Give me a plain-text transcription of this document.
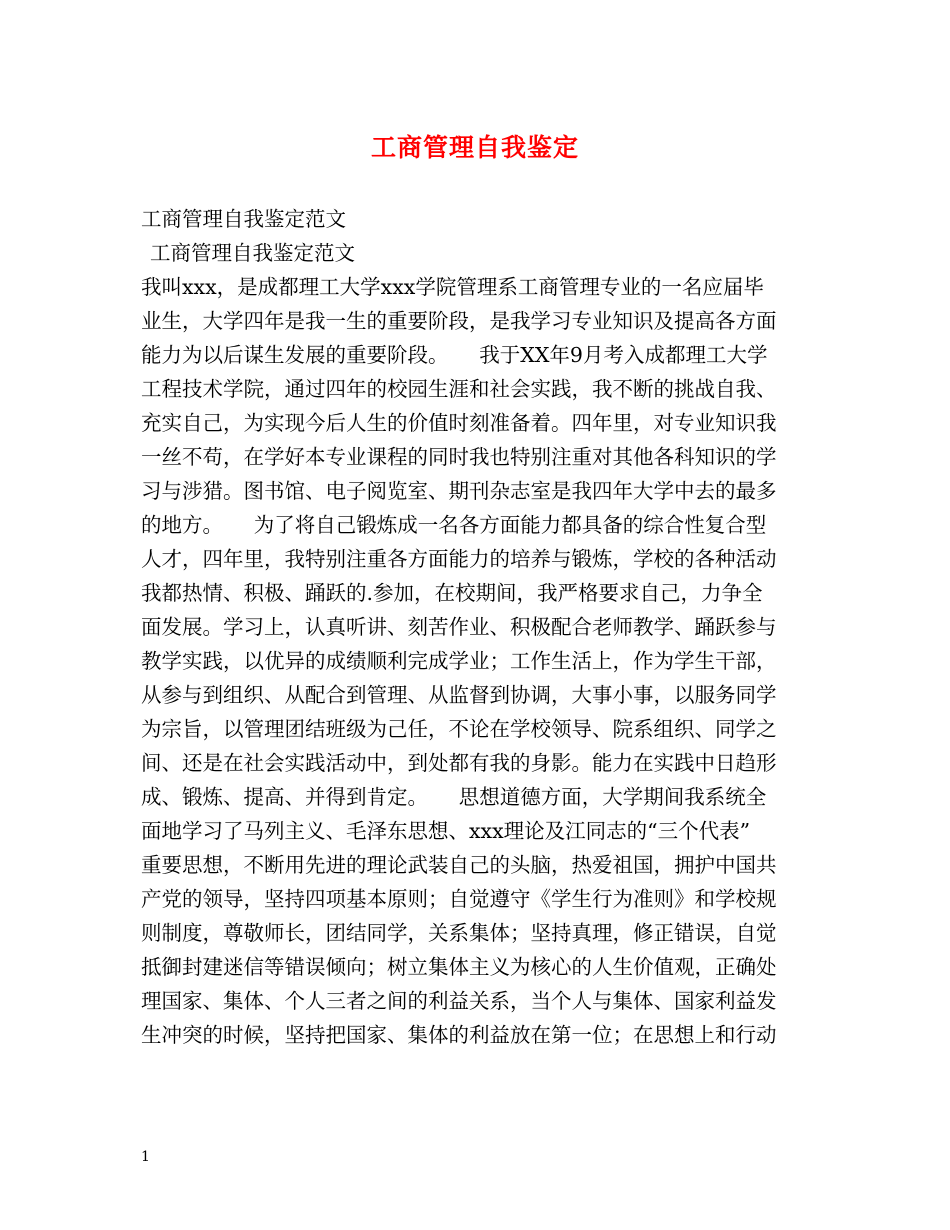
工商管理自我鉴定
工商管理自我鉴定范文
工商管理自我鉴定范文
我叫xxx，是成都理工大学xxx学院管理系工商管理专业的一名应届毕
业生，大学四年是我一生的重要阶段，是我学习专业知识及提高各方面
能力为以后谋生发展的重要阶段。　　我于XX年9月考入成都理工大学
工程技术学院，通过四年的校园生涯和社会实践，我不断的挑战自我、
充实自己，为实现今后人生的价值时刻准备着。四年里，对专业知识我
一丝不苟，在学好本专业课程的同时我也特别注重对其他各科知识的学
习与涉猎。图书馆、电子阅览室、期刊杂志室是我四年大学中去的最多
的地方。　　为了将自己锻炼成一名各方面能力都具备的综合性复合型
人才，四年里，我特别注重各方面能力的培养与锻炼，学校的各种活动
我都热情、积极、踊跃的.参加，在校期间，我严格要求自己，力争全
面发展。学习上，认真听讲、刻苦作业、积极配合老师教学、踊跃参与
教学实践，以优异的成绩顺利完成学业；工作生活上，作为学生干部，
从参与到组织、从配合到管理、从监督到协调，大事小事，以服务同学
为宗旨，以管理团结班级为己任，不论在学校领导、院系组织、同学之
间、还是在社会实践活动中，到处都有我的身影。能力在实践中日趋形
成、锻炼、提高、并得到肯定。　　思想道德方面，大学期间我系统全
面地学习了马列主义、毛泽东思想、xxx理论及江同志的“三个代表”
重要思想，不断用先进的理论武装自己的头脑，热爱祖国，拥护中国共
产党的领导，坚持四项基本原则；自觉遵守《学生行为准则》和学校规
则制度，尊敬师长，团结同学，关系集体；坚持真理，修正错误，自觉
抵御封建迷信等错误倾向；树立集体主义为核心的人生价值观，正确处
理国家、集体、个人三者之间的利益关系，当个人与集体、国家利益发
生冲突的时候，坚持把国家、集体的利益放在第一位；在思想上和行动
1
